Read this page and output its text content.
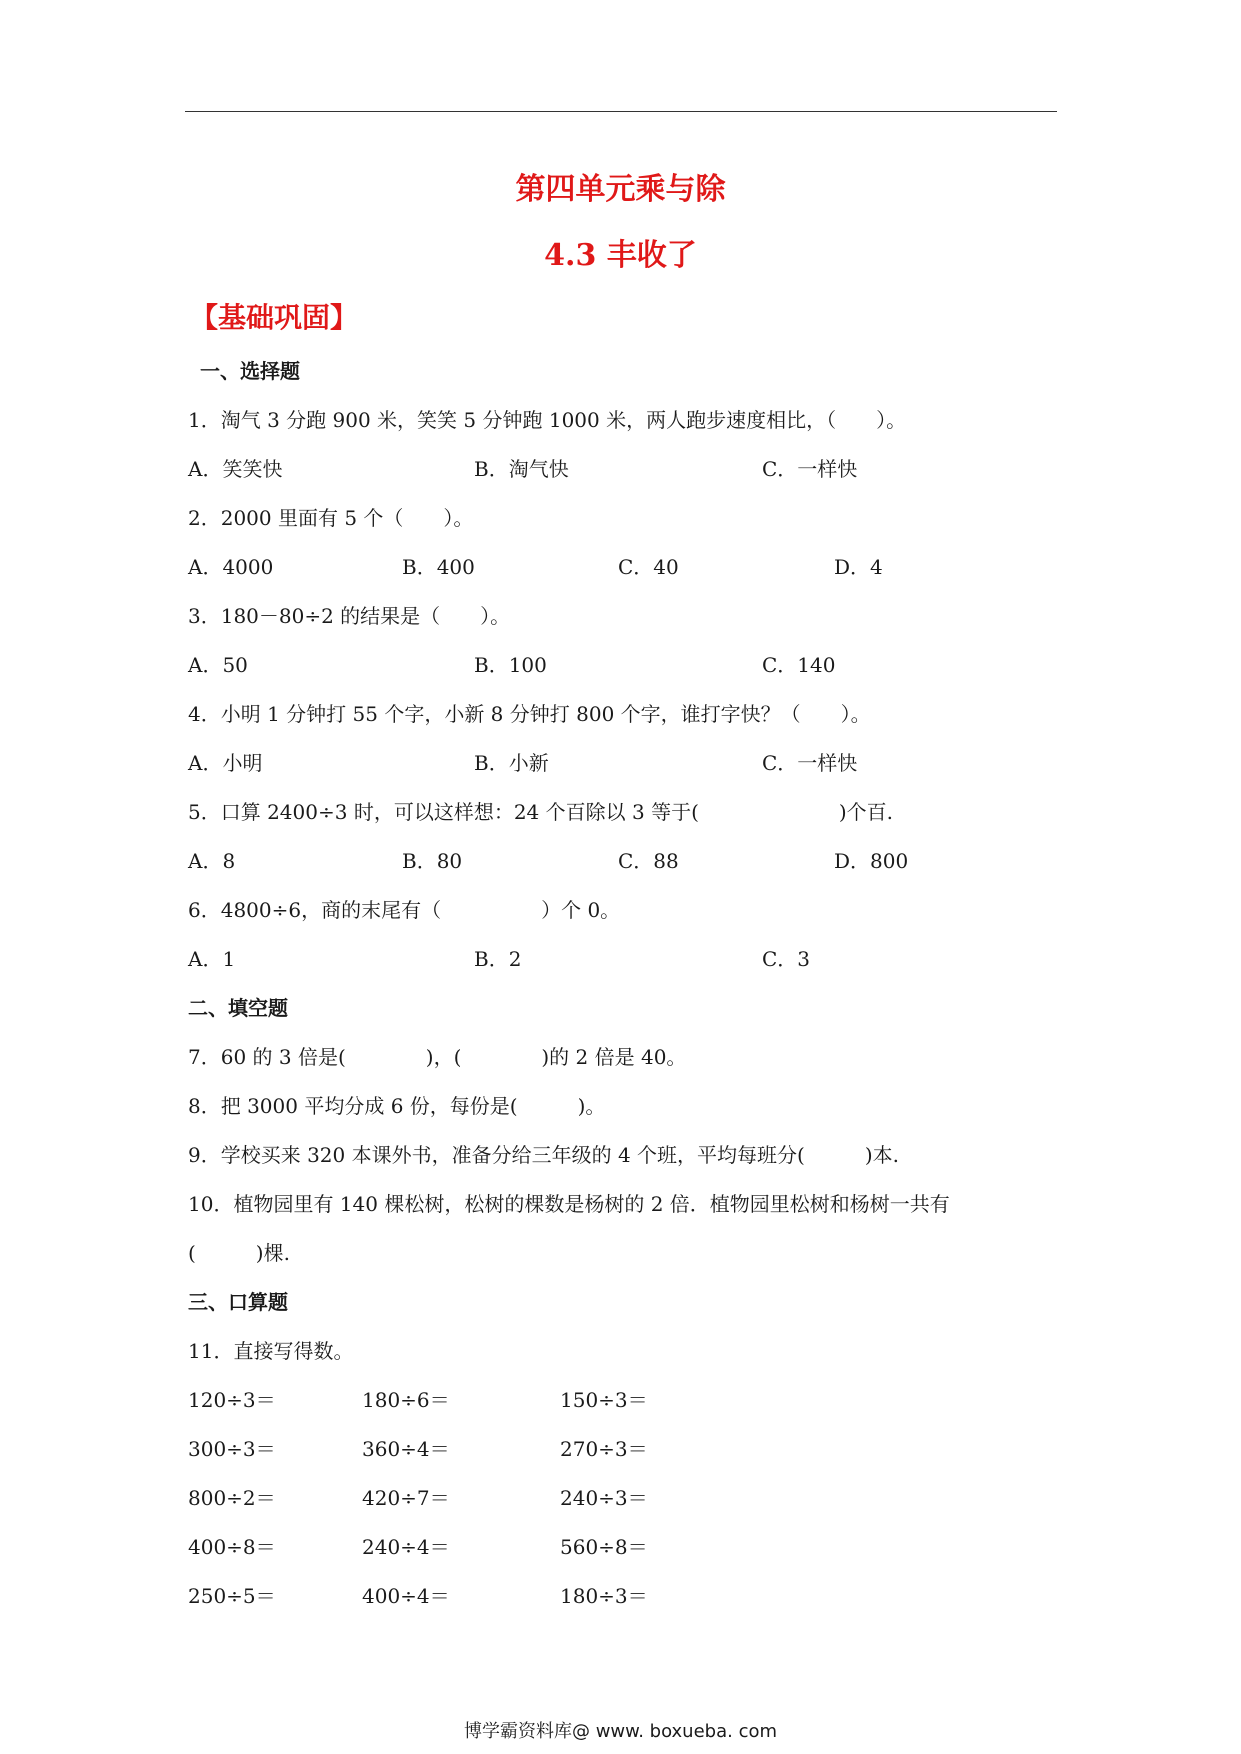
第四单元乘与除
4.3 丰收了
【基础巩固】
一、选择题
1．淘气 3 分跑 900 米，笑笑 5 分钟跑 1000 米，两人跑步速度相比，（　　）。
A．笑笑快	B．淘气快	C．一样快
2．2000 里面有 5 个（　　）。
A．4000	B．400	C．40	D．4
3．180－80÷2 的结果是（　　）。
A．50	B．100	C．140
4．小明 1 分钟打 55 个字，小新 8 分钟打 800 个字，谁打字快？（　　）。
A．小明	B．小新	C．一样快
5．口算 2400÷3 时，可以这样想：24 个百除以 3 等于(　　　　　　　)个百.
A．8	B．80	C．88	D．800
6．4800÷6，商的末尾有（　　　　　）个 0。
A．1	B．2	C．3
二、填空题
7．60 的 3 倍是(　　　　)，(　　　　)的 2 倍是 40。
8．把 3000 平均分成 6 份，每份是(　　　)。
9．学校买来 320 本课外书，准备分给三年级的 4 个班，平均每班分(　　　)本.
10．植物园里有 140 棵松树，松树的棵数是杨树的 2 倍．植物园里松树和杨树一共有
(　　　)棵.
三、口算题
11．直接写得数。
120÷3＝	180÷6＝	150÷3＝
300÷3＝	360÷4＝	270÷3＝
800÷2＝	420÷7＝	240÷3＝
400÷8＝	240÷4＝	560÷8＝
250÷5＝	400÷4＝	180÷3＝
博学霸资料库@ www. boxueba. com
